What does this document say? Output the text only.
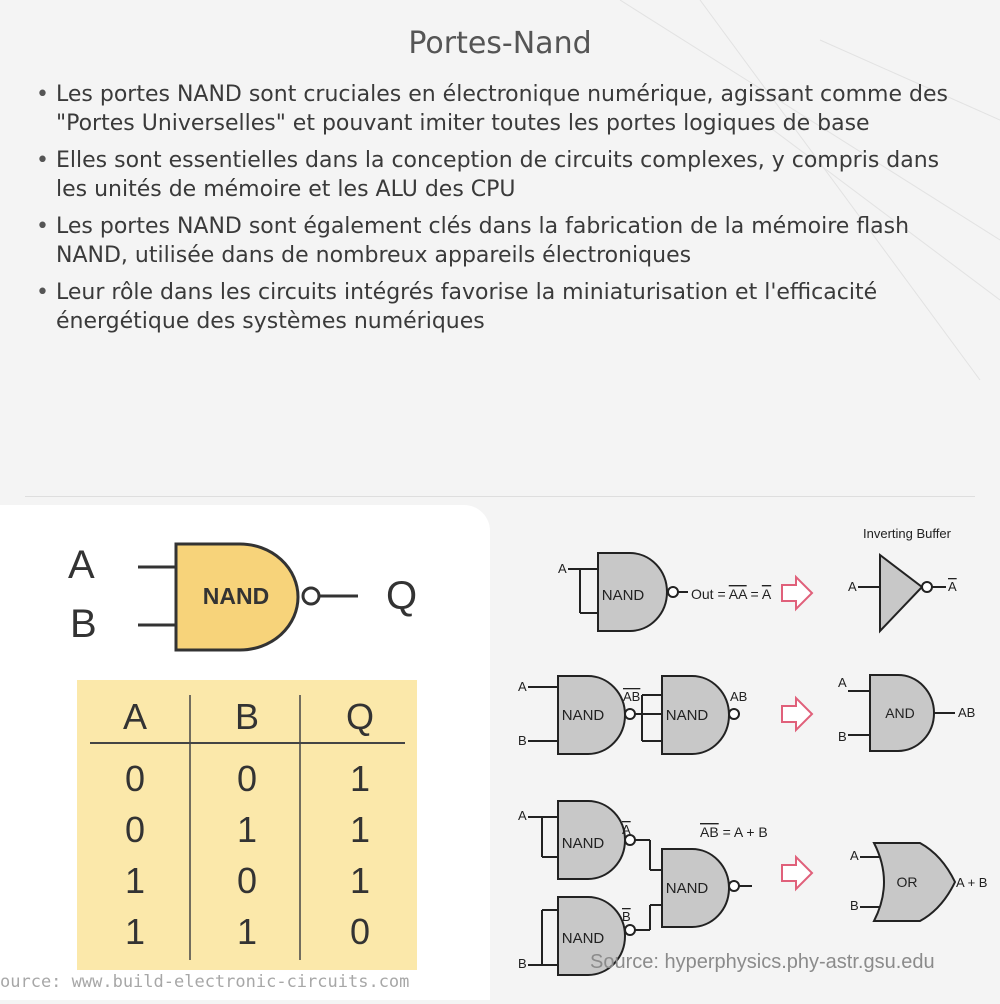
Portes-Nand
• Les portes NAND sont cruciales en électronique numérique, agissant comme des "Portes Universelles" et pouvant imiter toutes les portes logiques de base
• Elles sont essentielles dans la conception de circuits complexes, y compris dans les unités de mémoire et les ALU des CPU
• Les portes NAND sont également clés dans la fabrication de la mémoire flash NAND, utilisée dans de nombreux appareils électroniques
• Leur rôle dans les circuits intégrés favorise la miniaturisation et l'efficacité énergétique des systèmes numériques
A
B
NAND	Q
A B Q
0	0	1
0	1	1
1	0	1
1	1	0
ource: www.build-electronic-circuits.com
A
NAND	Out = AA = A
Inverting Buffer
A	A
A
B
NAND
AB
NAND
AB
A
B
AND	AB
A
B
NAND
A
NAND
B
NAND
AB = A + B
A
B
OR	A + B
Source: hyperphysics.phy-astr.gsu.edu
